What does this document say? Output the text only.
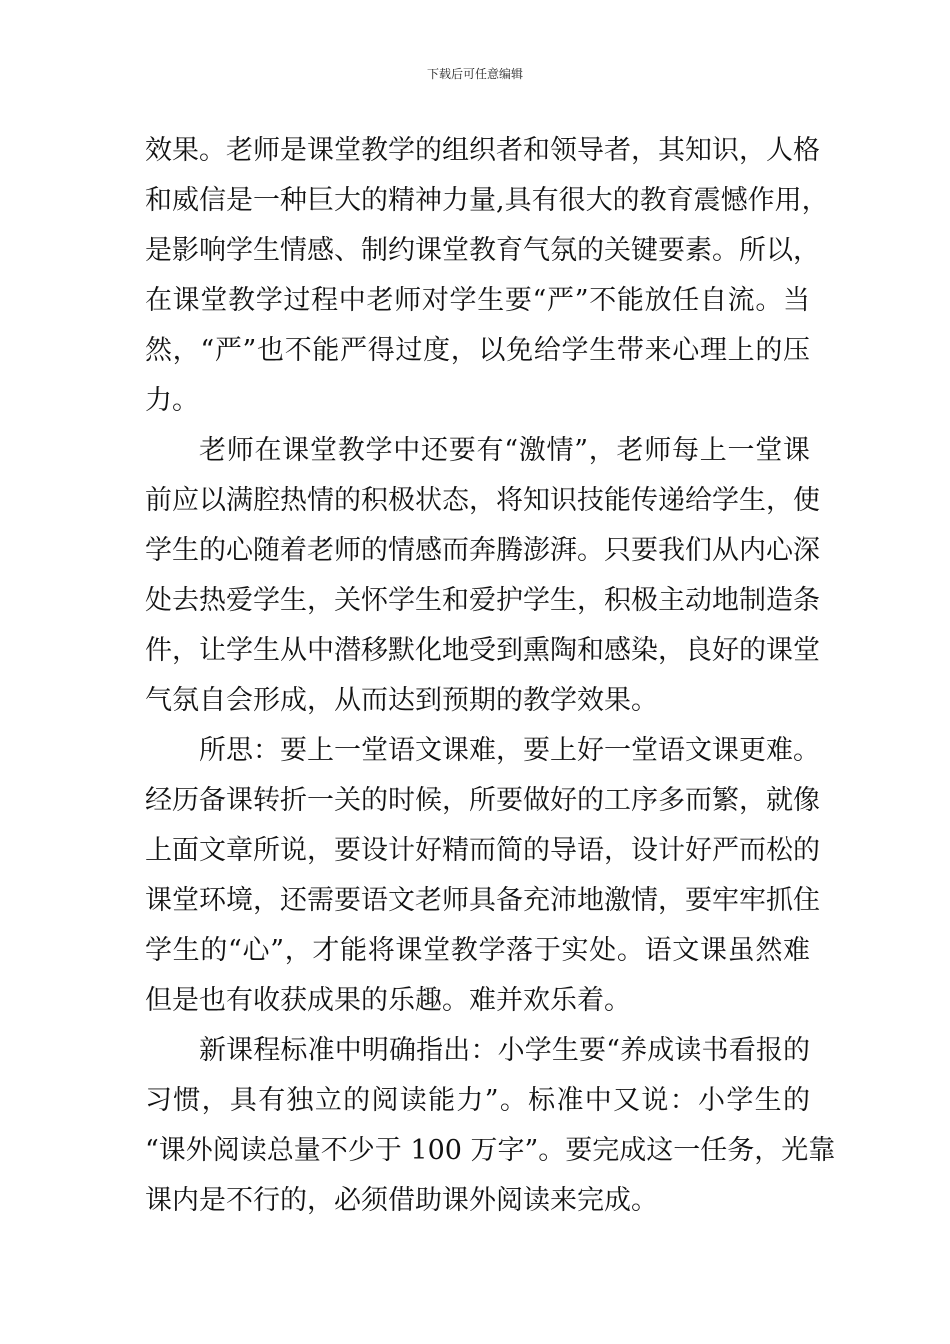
下载后可任意编辑
效果。老师是课堂教学的组织者和领导者，其知识，人格
和威信是一种巨大的精神力量,具有很大的教育震憾作用，
是影响学生情感、制约课堂教育气氛的关键要素。所以，
在课堂教学过程中老师对学生要“严”不能放任自流。当
然，“严”也不能严得过度，以免给学生带来心理上的压
力。
老师在课堂教学中还要有“激情”，老师每上一堂课
前应以满腔热情的积极状态，将知识技能传递给学生，使
学生的心随着老师的情感而奔腾澎湃。只要我们从内心深
处去热爱学生，关怀学生和爱护学生，积极主动地制造条
件，让学生从中潜移默化地受到熏陶和感染，良好的课堂
气氛自会形成，从而达到预期的教学效果。
所思：要上一堂语文课难，要上好一堂语文课更难。
经历备课转折一关的时候，所要做好的工序多而繁，就像
上面文章所说，要设计好精而简的导语，设计好严而松的
课堂环境，还需要语文老师具备充沛地激情，要牢牢抓住
学生的“心”，才能将课堂教学落于实处。语文课虽然难
但是也有收获成果的乐趣。难并欢乐着。
新课程标准中明确指出：小学生要“养成读书看报的
习惯，具有独立的阅读能力”。标准中又说：小学生的
“课外阅读总量不少于 100 万字”。要完成这一任务，光靠
课内是不行的，必须借助课外阅读来完成。
